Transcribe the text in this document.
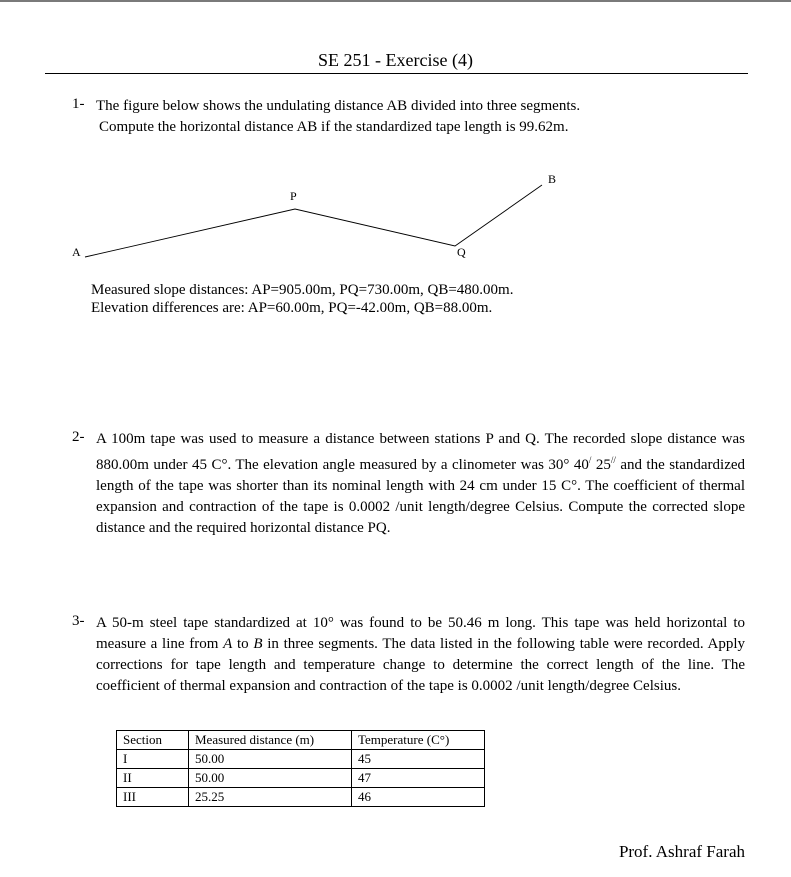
SE 251 - Exercise (4)
1- The figure below shows the undulating distance AB divided into three segments.
Compute the horizontal distance AB if the standardized tape length is 99.62m.
A
P
Q
B
Measured slope distances: AP=905.00m, PQ=730.00m, QB=480.00m.
Elevation differences are: AP=60.00m, PQ=-42.00m, QB=88.00m.
2- A 100m tape was used to measure a distance between stations P and Q. The recorded slope distance was 880.00m under 45 C°. The elevation angle measured by a clinometer was 30° 40/ 25// and the standardized length of the tape was shorter than its nominal length with 24 cm under 15 C°. The coefficient of thermal expansion and contraction of the tape is 0.0002 /unit length/degree Celsius. Compute the corrected slope distance and the required horizontal distance PQ.
3- A 50-m steel tape standardized at 10° was found to be 50.46 m long. This tape was held horizontal to measure a line from A to B in three segments. The data listed in the following table were recorded. Apply corrections for tape length and temperature change to determine the correct length of the line. The coefficient of thermal expansion and contraction of the tape is 0.0002 /unit length/degree Celsius.
Section	Measured distance (m)	Temperature (C°)
I	50.00	45
II	50.00	47
III	25.25	46
Prof. Ashraf Farah
